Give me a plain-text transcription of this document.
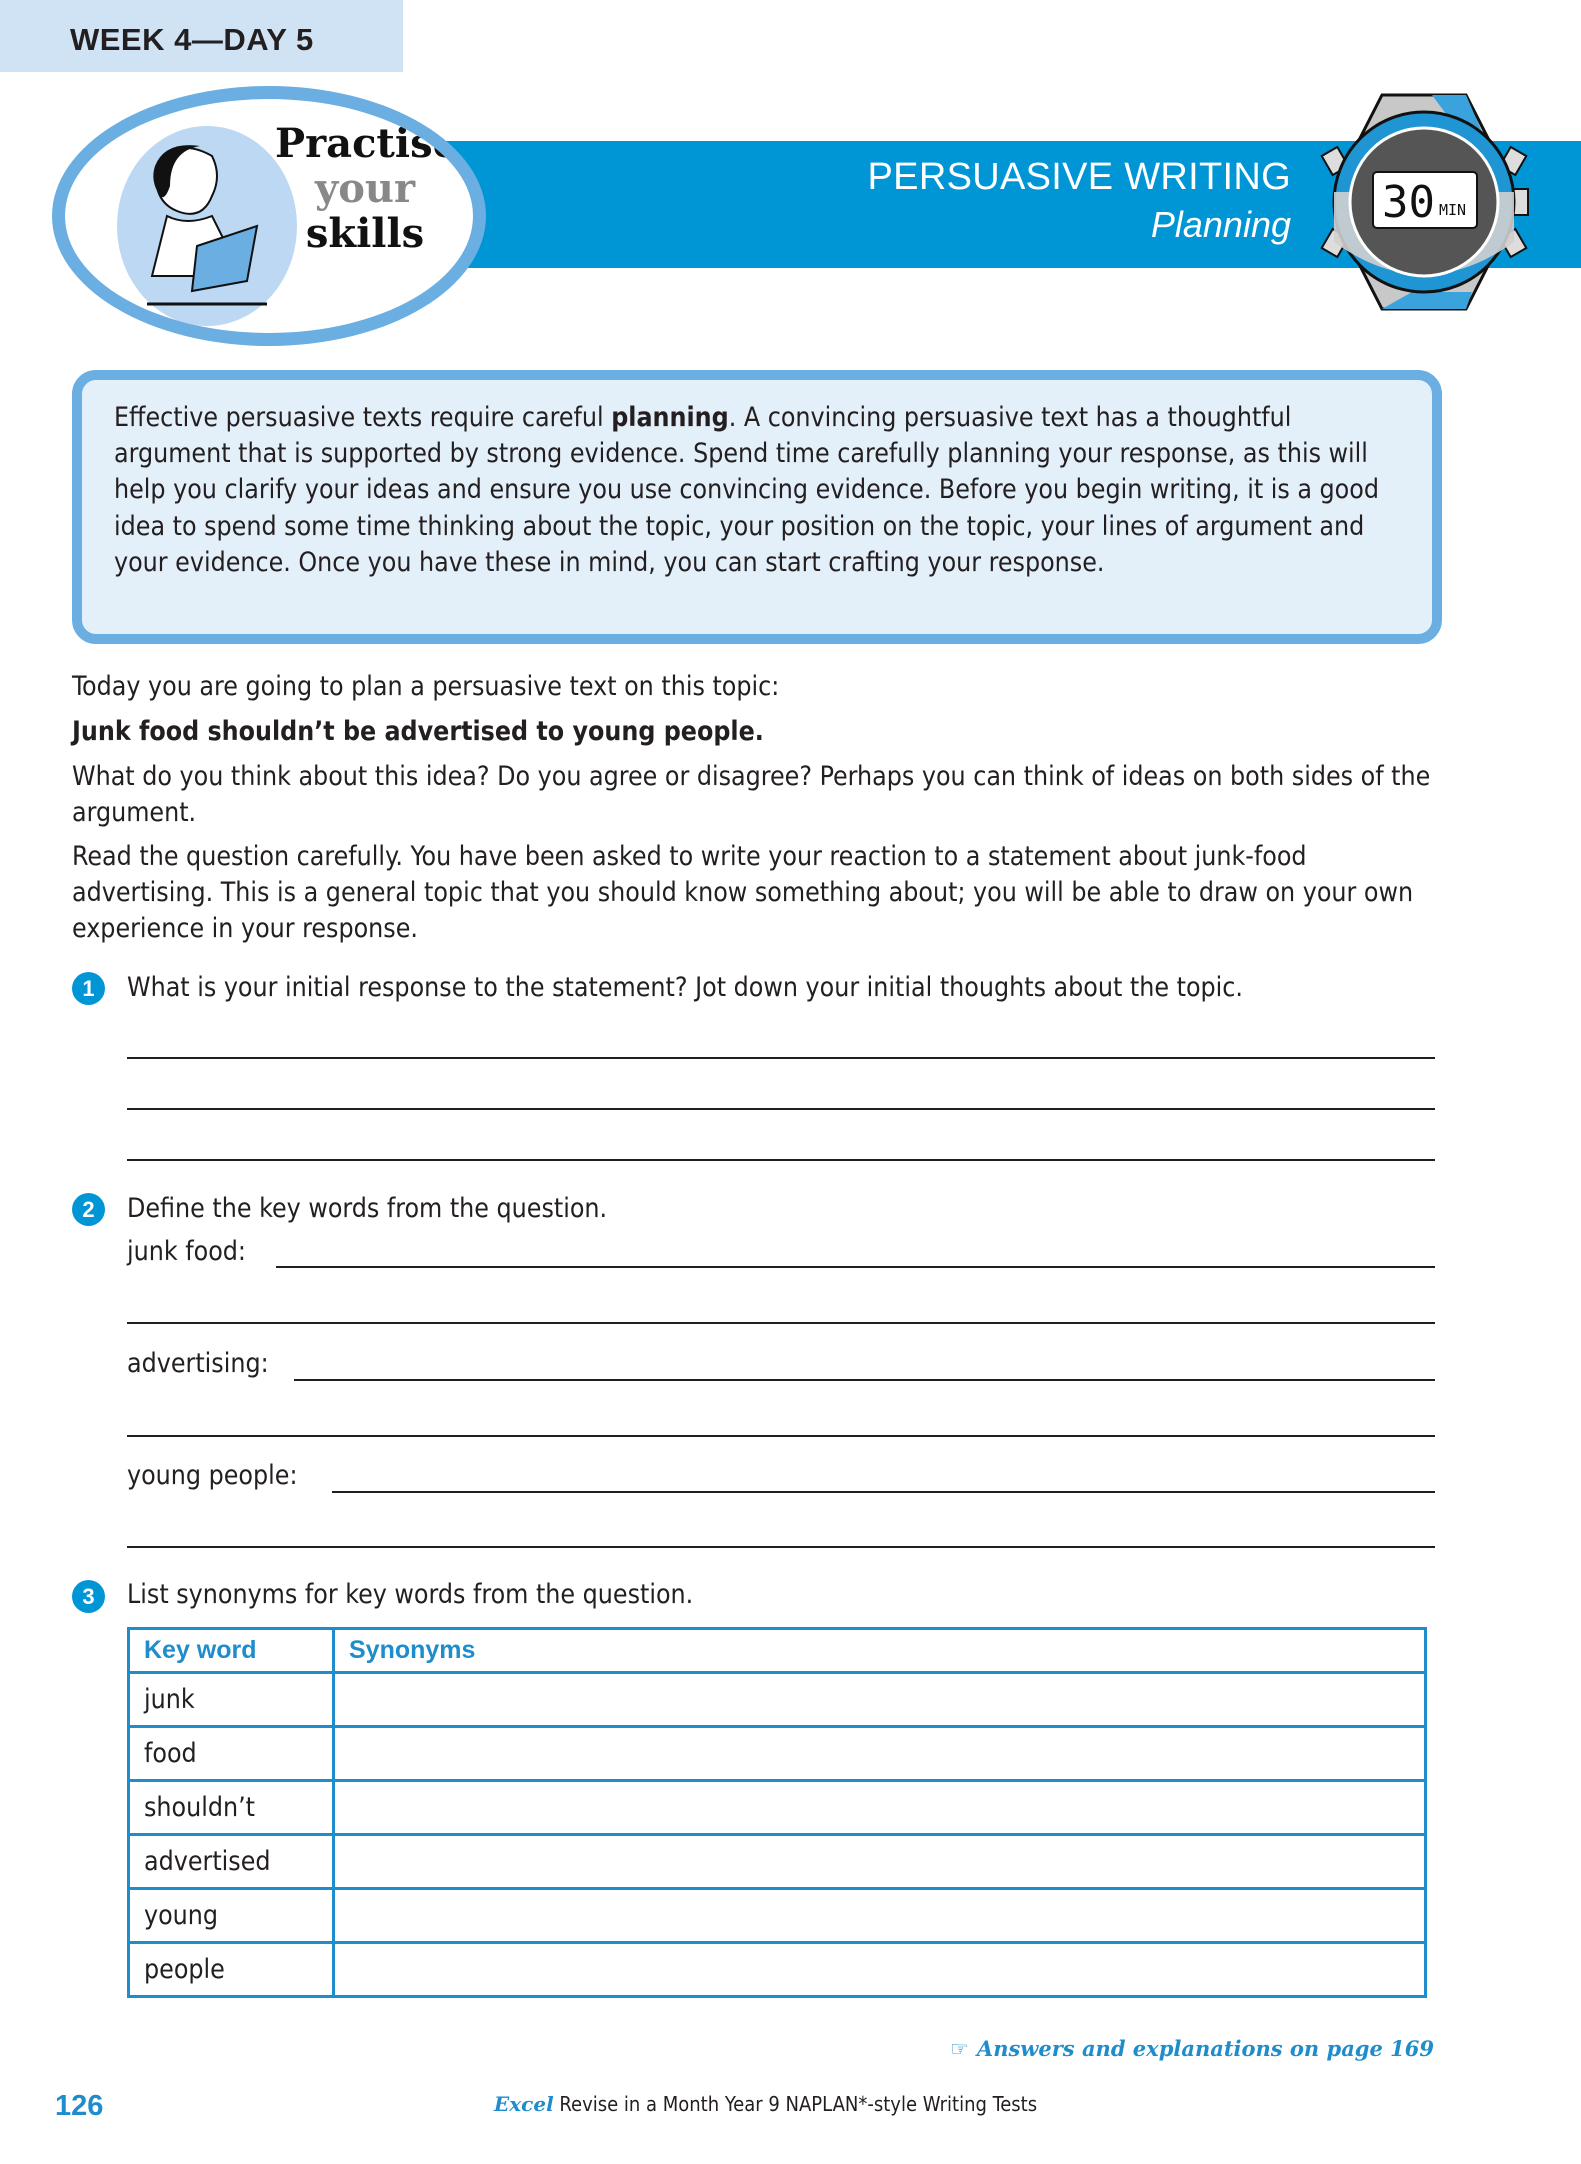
WEEK 4—DAY 5
PERSUASIVE WRITING
Planning
Practise
your
skills
30 MIN

Effective persuasive texts require careful planning. A convincing persuasive text has a thoughtful argument that is supported by strong evidence. Spend time carefully planning your response, as this will help you clarify your ideas and ensure you use convincing evidence. Before you begin writing, it is a good idea to spend some time thinking about the topic, your position on the topic, your lines of argument and your evidence. Once you have these in mind, you can start crafting your response.

Today you are going to plan a persuasive text on this topic:
Junk food shouldn’t be advertised to young people.
What do you think about this idea? Do you agree or disagree? Perhaps you can think of ideas on both sides of the argument.
Read the question carefully. You have been asked to write your reaction to a statement about junk-food advertising. This is a general topic that you should know something about; you will be able to draw on your own experience in your response.
1	What is your initial response to the statement? Jot down your initial thoughts about the topic.
2	Define the key words from the question.
junk food:
advertising:
young people:
3	List synonyms for key words from the question.
Key word	Synonyms
junk	
food	
shouldn’t	
advertised	
young	
people	
☞ Answers and explanations on page 169
126	Excel Revise in a Month Year 9 NAPLAN*-style Writing Tests
